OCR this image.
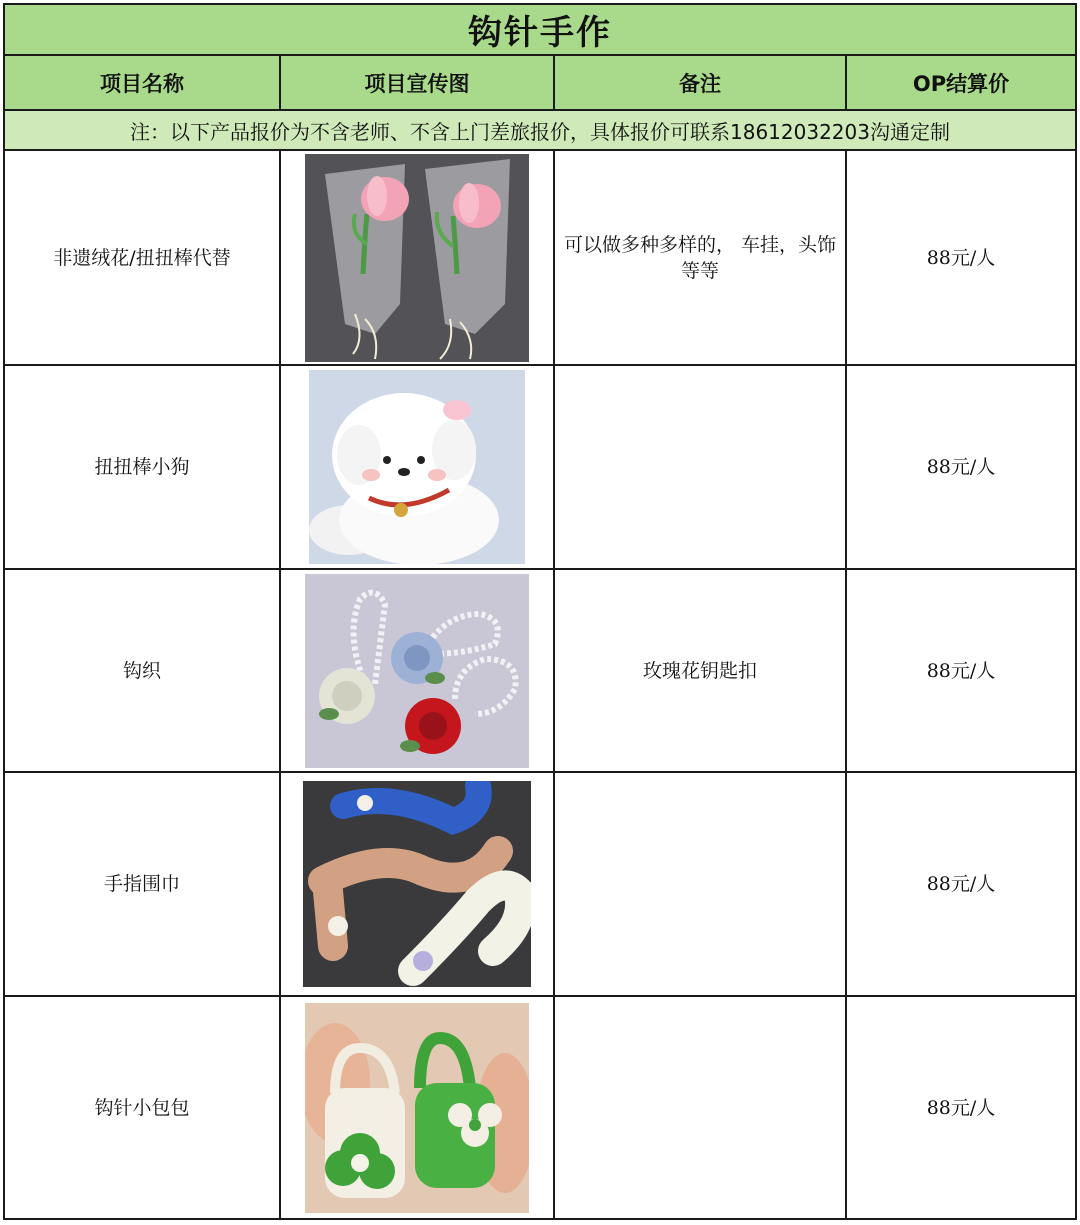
钩针手作			
项目名称	项目宣传图	备注	OP结算价
注：以下产品报价为不含老师、不含上门差旅报价，具体报价可联系18612032203沟通定制			
非遗绒花/扭扭棒代替		可以做多种多样的， 车挂，头饰等等	88元/人
扭扭棒小狗			88元/人
钩织		玫瑰花钥匙扣	88元/人
手指围巾			88元/人
钩针小包包			88元/人
